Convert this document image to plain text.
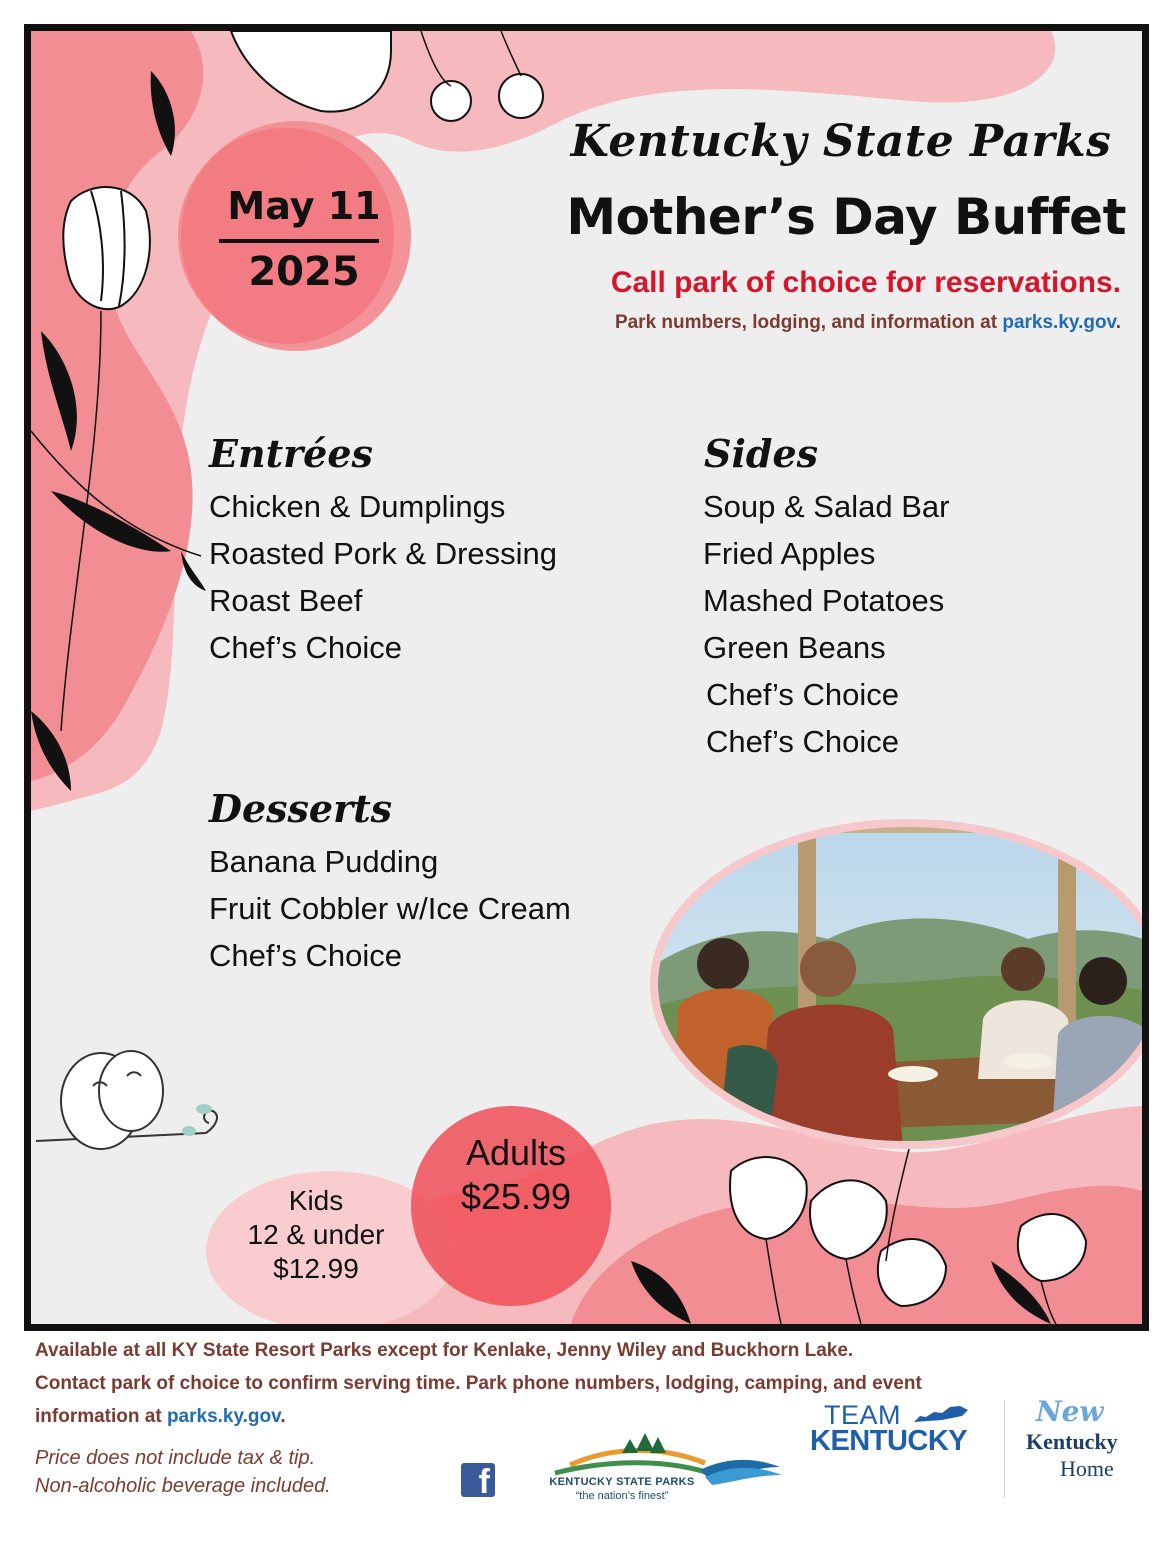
Kentucky State Parks
Mother’s Day Buffet
Call park of choice for reservations.
Park numbers, lodging, and information at parks.ky.gov.
May 11
2025
Entrées
Chicken & Dumplings
Roasted Pork & Dressing
Roast Beef
Chef’s Choice
Sides
Soup & Salad Bar
Fried Apples
Mashed Potatoes
Green Beans
Chef’s Choice
Chef’s Choice
Desserts
Banana Pudding
Fruit Cobbler w/Ice Cream
Chef’s Choice
Kids
12 & under
$12.99
Adults
$25.99
Available at all KY State Resort Parks except for Kenlake, Jenny Wiley and Buckhorn Lake.
Contact park of choice to confirm serving time. Park phone numbers, lodging, camping, and event
information at parks.ky.gov.
Price does not include tax & tip.
Non-alcoholic beverage included.	f	KENTUCKY STATE PARKS
“the nation’s finest”
TEAM
KENTUCKY
New
Kentucky
Home
